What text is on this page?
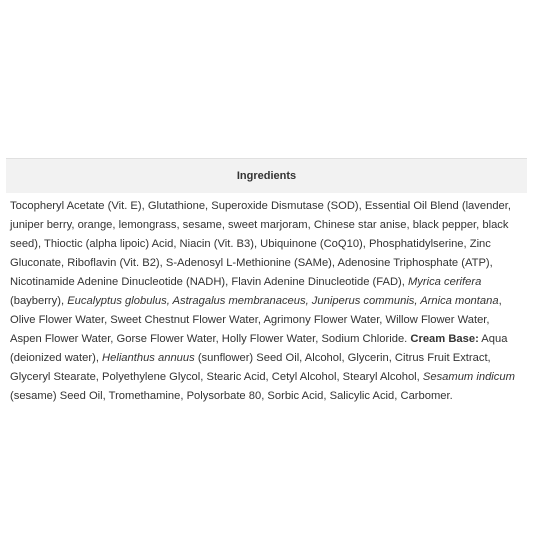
Ingredients
Tocopheryl Acetate (Vit. E), Glutathione, Superoxide Dismutase (SOD), Essential Oil Blend (lavender, juniper berry, orange, lemongrass, sesame, sweet marjoram, Chinese star anise, black pepper, black seed), Thioctic (alpha lipoic) Acid, Niacin (Vit. B3), Ubiquinone (CoQ10), Phosphatidylserine, Zinc Gluconate, Riboflavin (Vit. B2), S-Adenosyl L-Methionine (SAMe), Adenosine Triphosphate (ATP), Nicotinamide Adenine Dinucleotide (NADH), Flavin Adenine Dinucleotide (FAD), Myrica cerifera (bayberry), Eucalyptus globulus, Astragalus membranaceus, Juniperus communis, Arnica montana, Olive Flower Water, Sweet Chestnut Flower Water, Agrimony Flower Water, Willow Flower Water, Aspen Flower Water, Gorse Flower Water, Holly Flower Water, Sodium Chloride. Cream Base: Aqua (deionized water), Helianthus annuus (sunflower) Seed Oil, Alcohol, Glycerin, Citrus Fruit Extract, Glyceryl Stearate, Polyethylene Glycol, Stearic Acid, Cetyl Alcohol, Stearyl Alcohol, Sesamum indicum (sesame) Seed Oil, Tromethamine, Polysorbate 80, Sorbic Acid, Salicylic Acid, Carbomer.
